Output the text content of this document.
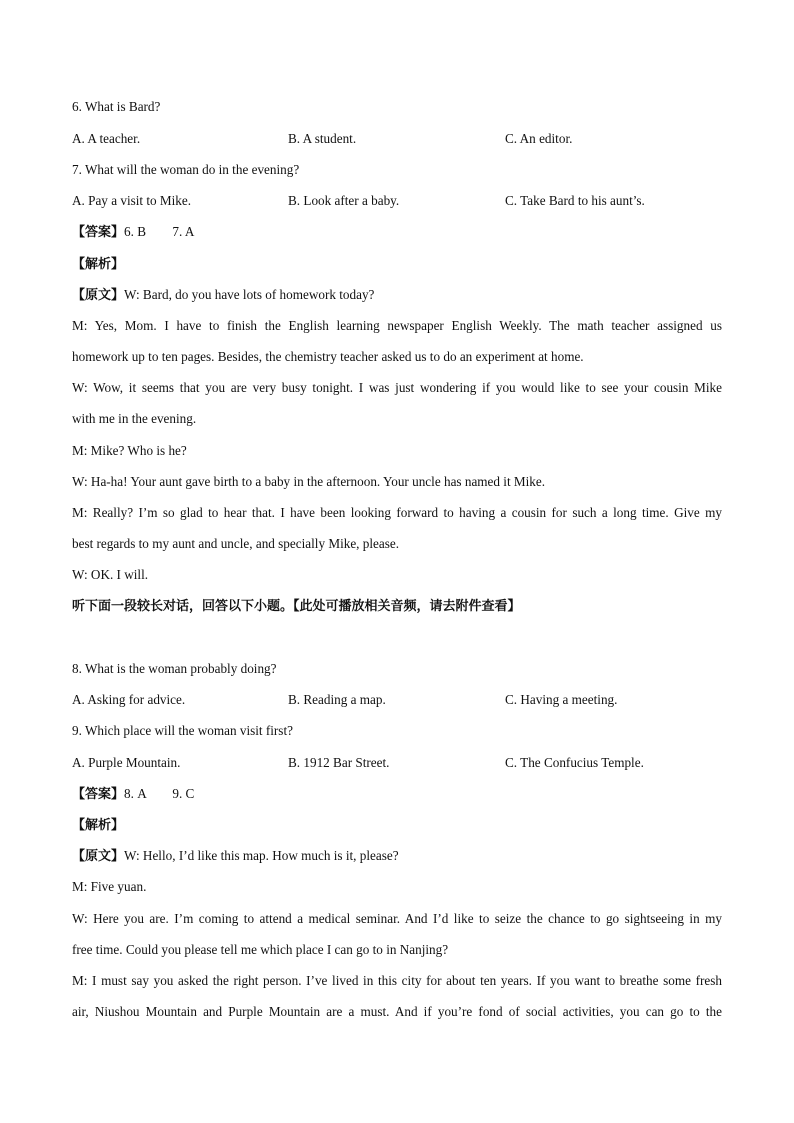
6. What is Bard?
A. A teacher.	B. A student.	C. An editor.
7. What will the woman do in the evening?
A. Pay a visit to Mike.	B. Look after a baby.	C. Take Bard to his aunt’s.
【答案】6. B        7. A
【解析】
【原文】W: Bard, do you have lots of homework today?
M: Yes, Mom. I have to finish the English learning newspaper English Weekly. The math teacher assigned us
homework up to ten pages. Besides, the chemistry teacher asked us to do an experiment at home.
W: Wow, it seems that you are very busy tonight. I was just wondering if you would like to see your cousin Mike
with me in the evening.
M: Mike? Who is he?
W: Ha-ha! Your aunt gave birth to a baby in the afternoon. Your uncle has named it Mike.
M: Really? I’m so glad to hear that. I have been looking forward to having a cousin for such a long time. Give my
best regards to my aunt and uncle, and specially Mike, please.
W: OK. I will.
听下面一段较长对话，回答以下小题。【此处可播放相关音频，请去附件查看】
8. What is the woman probably doing?
A. Asking for advice.	B. Reading a map.	C. Having a meeting.
9. Which place will the woman visit first?
A. Purple Mountain.	B. 1912 Bar Street.	C. The Confucius Temple.
【答案】8. A        9. C
【解析】
【原文】W: Hello, I’d like this map. How much is it, please?
M: Five yuan.
W: Here you are. I’m coming to attend a medical seminar. And I’d like to seize the chance to go sightseeing in my
free time. Could you please tell me which place I can go to in Nanjing?
M: I must say you asked the right person. I’ve lived in this city for about ten years. If you want to breathe some fresh
air, Niushou Mountain and Purple Mountain are a must. And if you’re fond of social activities, you can go to the
